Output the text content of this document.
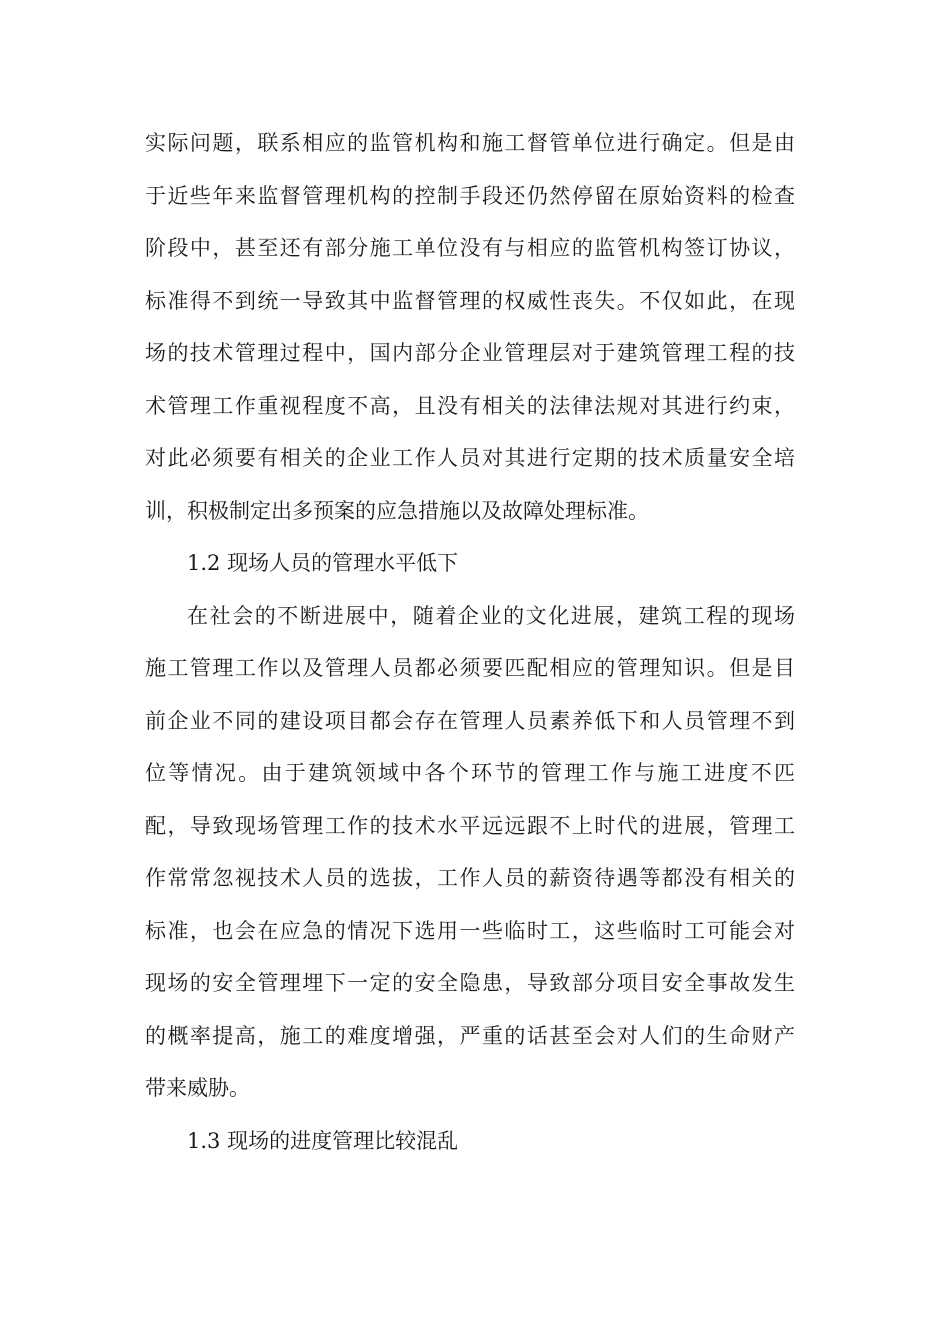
实际问题，联系相应的监管机构和施工督管单位进行确定。但是由
于近些年来监督管理机构的控制手段还仍然停留在原始资料的检查
阶段中，甚至还有部分施工单位没有与相应的监管机构签订协议，
标准得不到统一导致其中监督管理的权威性丧失。不仅如此，在现
场的技术管理过程中，国内部分企业管理层对于建筑管理工程的技
术管理工作重视程度不高，且没有相关的法律法规对其进行约束，
对此必须要有相关的企业工作人员对其进行定期的技术质量安全培
训，积极制定出多预案的应急措施以及故障处理标准。
1.2 现场人员的管理水平低下
在社会的不断进展中，随着企业的文化进展，建筑工程的现场
施工管理工作以及管理人员都必须要匹配相应的管理知识。但是目
前企业不同的建设项目都会存在管理人员素养低下和人员管理不到
位等情况。由于建筑领域中各个环节的管理工作与施工进度不匹
配，导致现场管理工作的技术水平远远跟不上时代的进展，管理工
作常常忽视技术人员的选拔，工作人员的薪资待遇等都没有相关的
标准，也会在应急的情况下选用一些临时工，这些临时工可能会对
现场的安全管理埋下一定的安全隐患，导致部分项目安全事故发生
的概率提高，施工的难度增强，严重的话甚至会对人们的生命财产
带来威胁。
1.3 现场的进度管理比较混乱
